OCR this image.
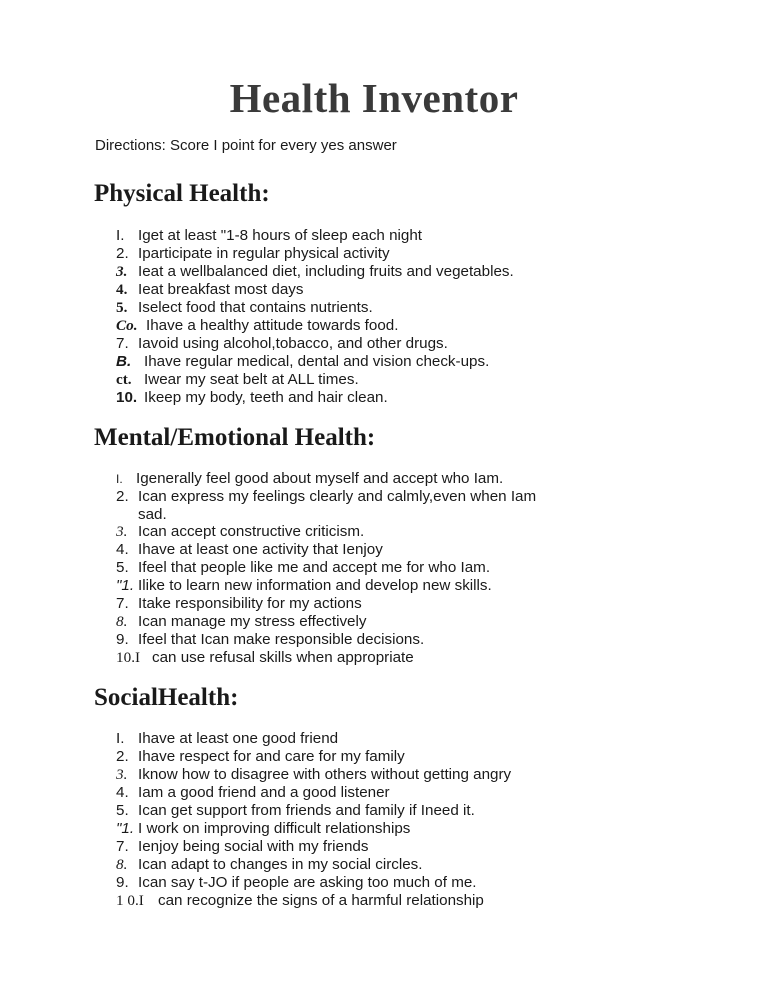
Health Inventor

Directions: Score I point for every yes answer

Physical Health:

I. Iget at least "1-8 hours of sleep each night

2. Iparticipate in regular physical activity

3. Ieat a wellbalanced diet, including fruits and vegetables.

4. Ieat breakfast most days

5. Iselect food that contains nutrients.

Co. Ihave a healthy attitude towards food.

7. Iavoid using alcohol,tobacco, and other drugs.

B. Ihave regular medical, dental and vision check-ups.

ct. Iwear my seat belt at ALL times.

10. Ikeep my body, teeth and hair clean.

Mental/Emotional Health:

I. Igenerally feel good about myself and accept who Iam.

2. Ican express my feelings clearly and calmly,even when Iam

sad.

3. Ican accept constructive criticism.

4. Ihave at least one activity that Ienjoy

5. Ifeel that people like me and accept me for who Iam.

"1. Ilike to learn new information and develop new skills.

7. Itake responsibility for my actions

8. Ican manage my stress effectively

9. Ifeel that Ican make responsible decisions.

10.I can use refusal skills when appropriate

SocialHealth:

I. Ihave at least one good friend

2. Ihave respect for and care for my family

3. Iknow how to disagree with others without getting angry

4. Iam a good friend and a good listener

5. Ican get support from friends and family if Ineed it.

"1. I work on improving difficult relationships

7. Ienjoy being social with my friends

8. Ican adapt to changes in my social circles.

9. Ican say t-JO if people are asking too much of me.

1 0.I can recognize the signs of a harmful relationship
